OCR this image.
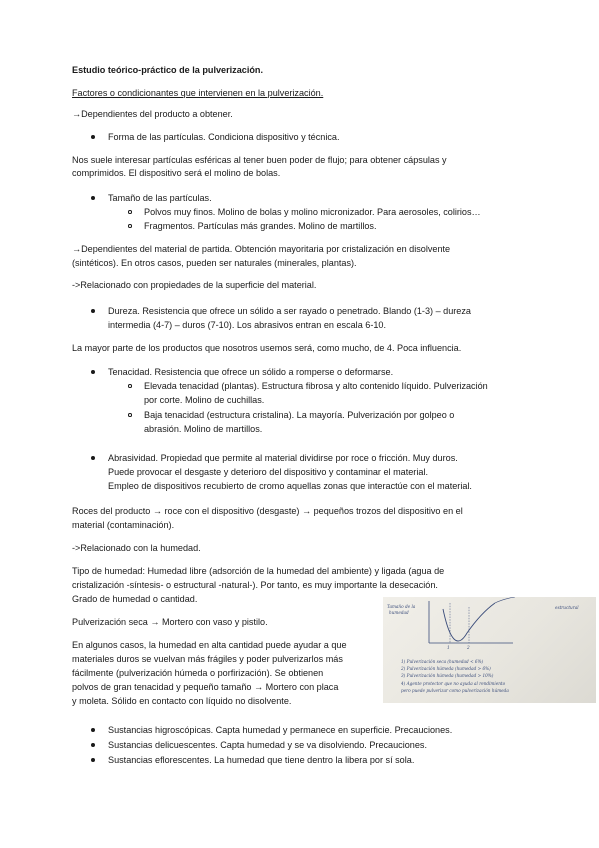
Estudio teórico-práctico de la pulverización.
Factores o condicionantes que intervienen en la pulverización.
→Dependientes del producto a obtener.
Forma de las partículas. Condiciona dispositivo y técnica.
Nos suele interesar partículas esféricas al tener buen poder de flujo; para obtener cápsulas y
comprimidos. El dispositivo será el molino de bolas.
Tamaño de las partículas.
Polvos muy finos. Molino de bolas y molino micronizador. Para aerosoles, colirios…
Fragmentos. Partículas más grandes. Molino de martillos.
→Dependientes del material de partida. Obtención mayoritaria por cristalización en disolvente
(sintéticos). En otros casos, pueden ser naturales (minerales, plantas).
->Relacionado con propiedades de la superficie del material.
Dureza. Resistencia que ofrece un sólido a ser rayado o penetrado. Blando (1-3) – dureza
intermedia (4-7) – duros (7-10). Los abrasivos entran en escala 6-10.
La mayor parte de los productos que nosotros usemos será, como mucho, de 4. Poca influencia.
Tenacidad. Resistencia que ofrece un sólido a romperse o deformarse.
Elevada tenacidad (plantas). Estructura fibrosa y alto contenido líquido. Pulverización
por corte. Molino de cuchillas.
Baja tenacidad (estructura cristalina). La mayoría. Pulverización por golpeo o
abrasión. Molino de martillos.
Abrasividad. Propiedad que permite al material dividirse por roce o fricción. Muy duros.
Puede provocar el desgaste y deterioro del dispositivo y contaminar el material.
Empleo de dispositivos recubierto de cromo aquellas zonas que interactúe con el material.
Roces del producto → roce con el dispositivo (desgaste) → pequeños trozos del dispositivo en el
material (contaminación).
->Relacionado con la humedad.
Tipo de humedad: Humedad libre (adsorción de la humedad del ambiente) y ligada (agua de
cristalización -síntesis- o estructural -natural-). Por tanto, es muy importante la desecación.
Grado de humedad o cantidad.
Pulverización seca → Mortero con vaso y pistilo.
En algunos casos, la humedad en alta cantidad puede ayudar a que
materiales duros se vuelvan más frágiles y poder pulverizarlos más
fácilmente (pulverización húmeda o porfirización). Se obtienen
polvos de gran tenacidad y pequeño tamaño → Mortero con placa
y moleta. Sólido en contacto con líquido no disolvente.
Sustancias higroscópicas. Capta humedad y permanece en superficie. Precauciones.
Sustancias delicuescentes. Capta humedad y se va disolviendo. Precauciones.
Sustancias eflorescentes. La humedad que tiene dentro la libera por sí sola.
Tamaño de la
humedad
1	2
estructural
1) Pulverización seca (humedad < 6%)
2) Pulverización húmeda (humedad > 6%)
3) Pulverización húmeda (humedad > 10%)
4) Agente protector que no ayuda al rendimiento
pero puede pulverizar como pulverización húmeda
